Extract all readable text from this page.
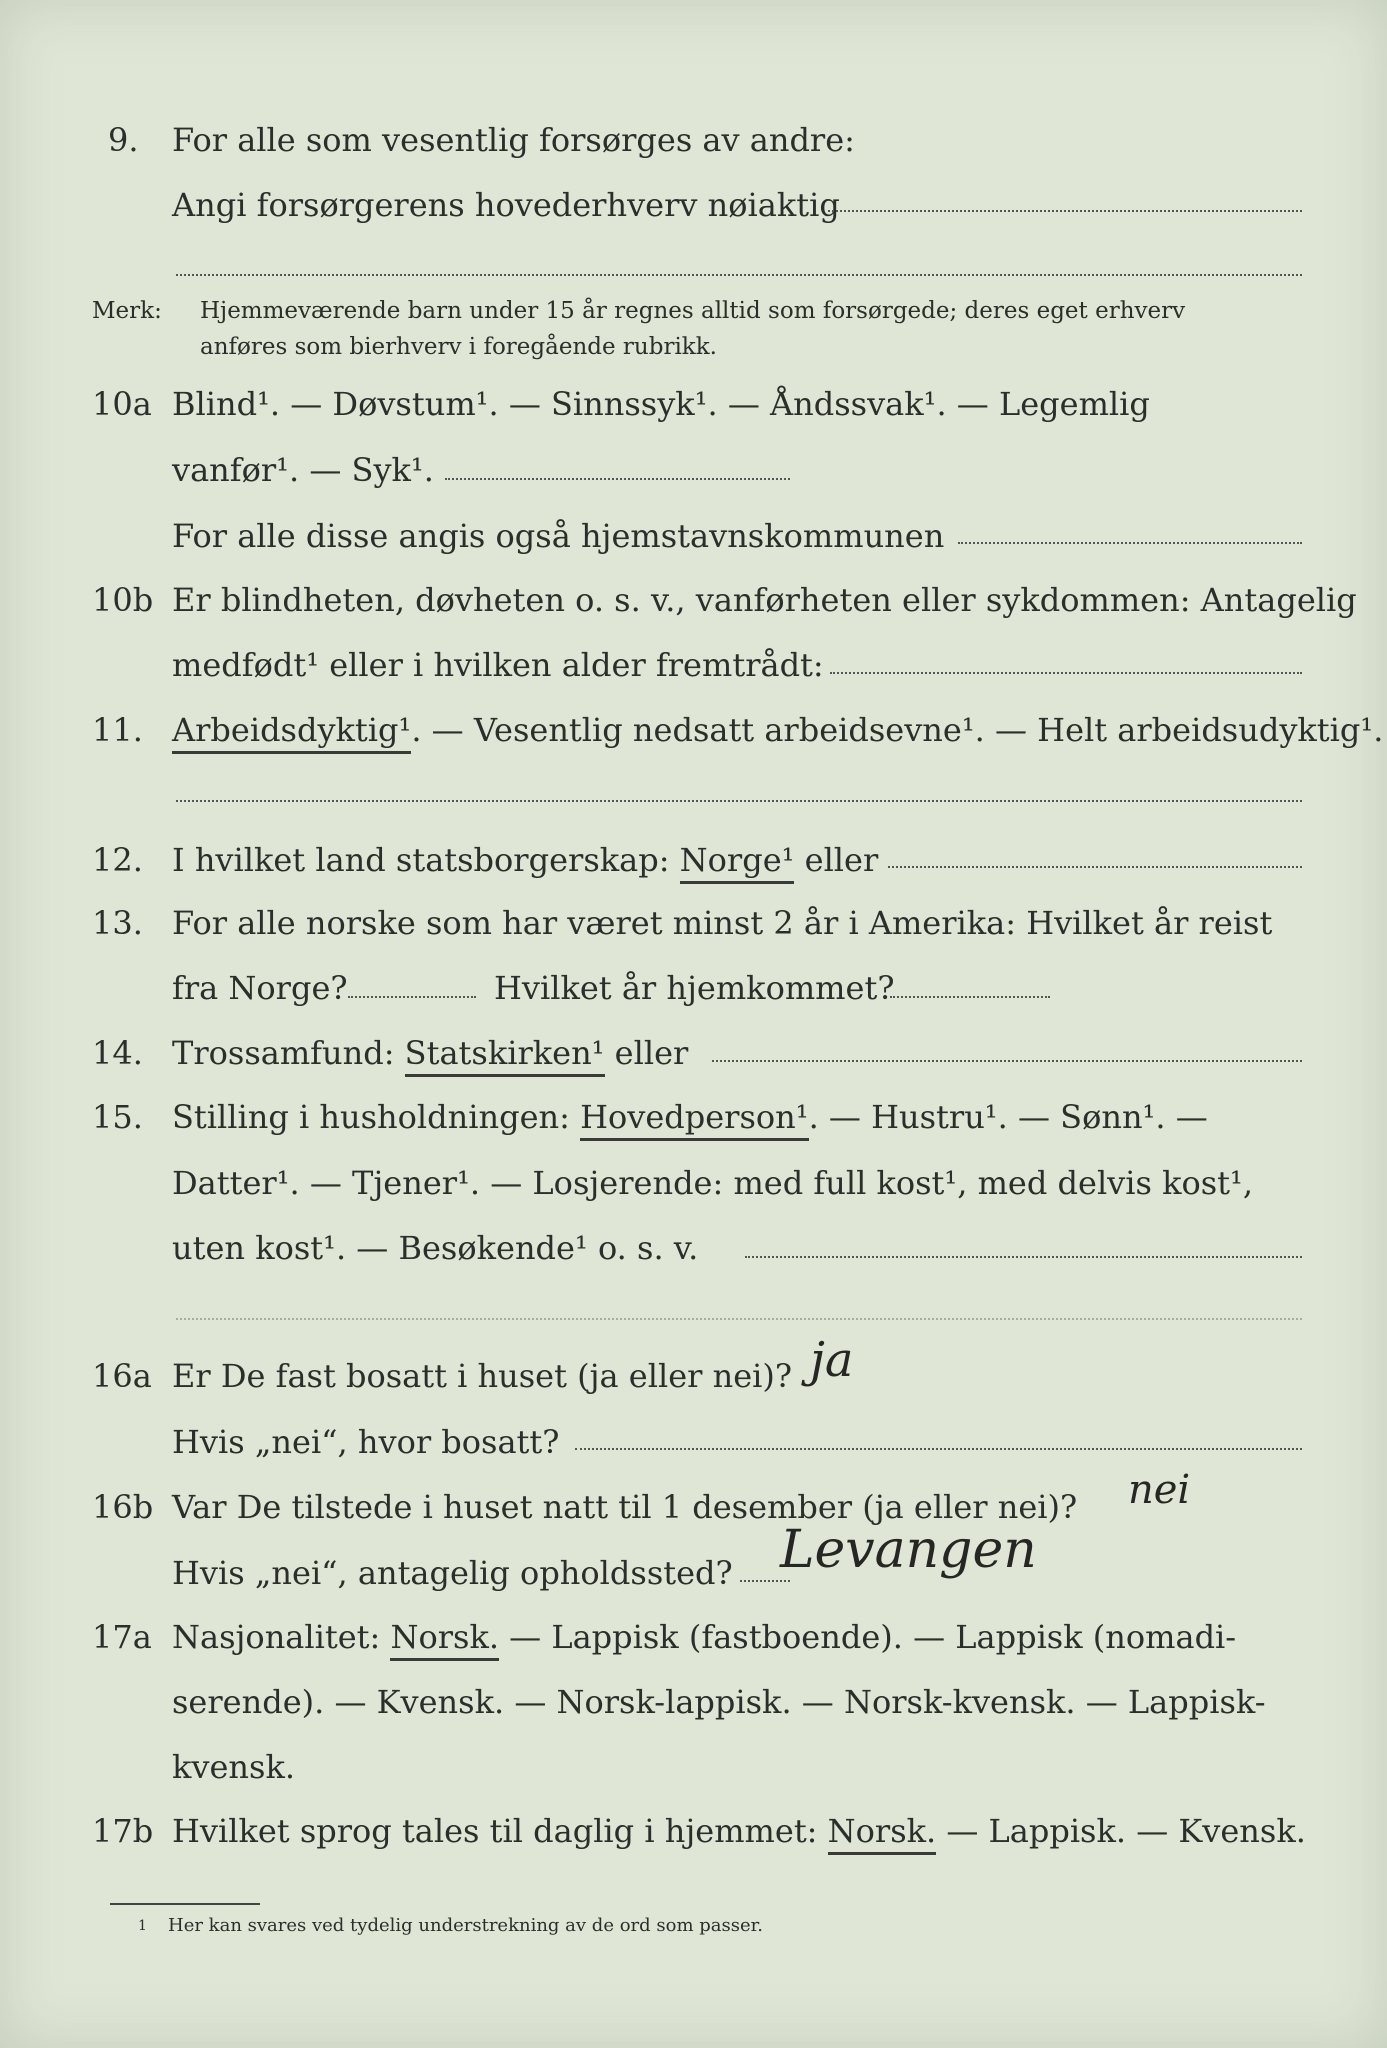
9. For alle som vesentlig forsørges av andre:
Angi forsørgerens hovederhverv nøiaktig
Merk: Hjemmeværende barn under 15 år regnes alltid som forsørgede; deres eget erhverv
anføres som bierhverv i foregående rubrikk.
10a Blind¹. — Døvstum¹. — Sinnssyk¹. — Åndssvak¹. — Legemlig
vanfør¹. — Syk¹.
For alle disse angis også hjemstavnskommunen
10b Er blindheten, døvheten o. s. v., vanførheten eller sykdommen: Antagelig
medfødt¹ eller i hvilken alder fremtrådt:
11. Arbeidsdyktig¹. — Vesentlig nedsatt arbeidsevne¹. — Helt arbeidsudyktig¹.
12. I hvilket land statsborgerskap: Norge¹ eller
13. For alle norske som har været minst 2 år i Amerika: Hvilket år reist
fra Norge?	Hvilket år hjemkommet?
14. Trossamfund: Statskirken¹ eller
15. Stilling i husholdningen: Hovedperson¹. — Hustru¹. — Sønn¹. —
Datter¹. — Tjener¹. — Losjerende: med full kost¹, med delvis kost¹,
uten kost¹. — Besøkende¹ o. s. v.
16a Er De fast bosatt i huset (ja eller nei)? ja
Hvis „nei“, hvor bosatt?
16b Var De tilstede i huset natt til 1 desember (ja eller nei)? nei
Hvis „nei“, antagelig opholdssted? Levangen
17a Nasjonalitet: Norsk. — Lappisk (fastboende). — Lappisk (nomadi-
serende). — Kvensk. — Norsk-lappisk. — Norsk-kvensk. — Lappisk-
kvensk.
17b Hvilket sprog tales til daglig i hjemmet: Norsk. — Lappisk. — Kvensk.
1 Her kan svares ved tydelig understrekning av de ord som passer.
